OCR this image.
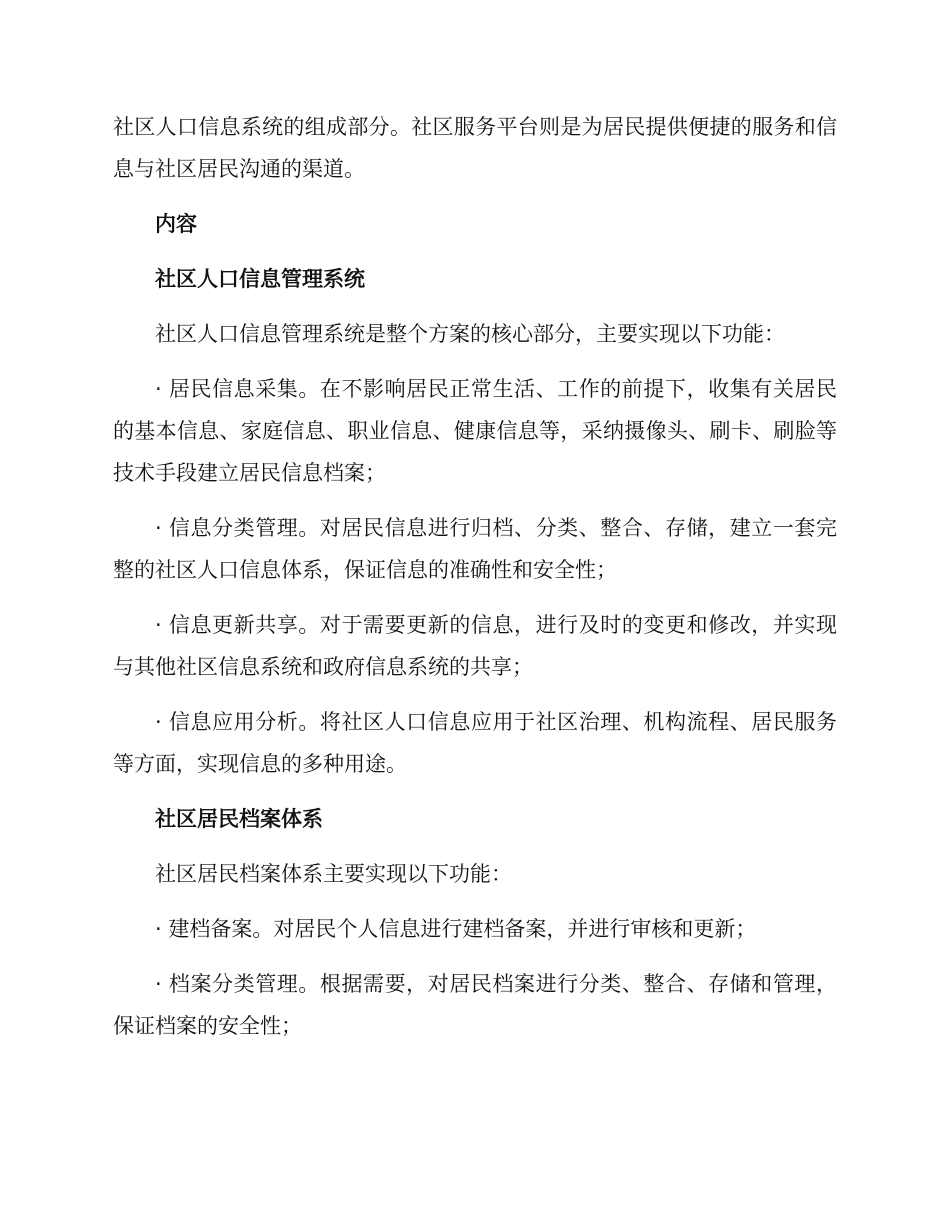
社区人口信息系统的组成部分。社区服务平台则是为居民提供便捷的服务和信息与社区居民沟通的渠道。

内容

社区人口信息管理系统

社区人口信息管理系统是整个方案的核心部分，主要实现以下功能：

· 居民信息采集。在不影响居民正常生活、工作的前提下，收集有关居民的基本信息、家庭信息、职业信息、健康信息等，采纳摄像头、刷卡、刷脸等技术手段建立居民信息档案；

· 信息分类管理。对居民信息进行归档、分类、整合、存储，建立一套完整的社区人口信息体系，保证信息的准确性和安全性；

· 信息更新共享。对于需要更新的信息，进行及时的变更和修改，并实现与其他社区信息系统和政府信息系统的共享；

· 信息应用分析。将社区人口信息应用于社区治理、机构流程、居民服务等方面，实现信息的多种用途。

社区居民档案体系

社区居民档案体系主要实现以下功能：

· 建档备案。对居民个人信息进行建档备案，并进行审核和更新；

· 档案分类管理。根据需要，对居民档案进行分类、整合、存储和管理，保证档案的安全性；
